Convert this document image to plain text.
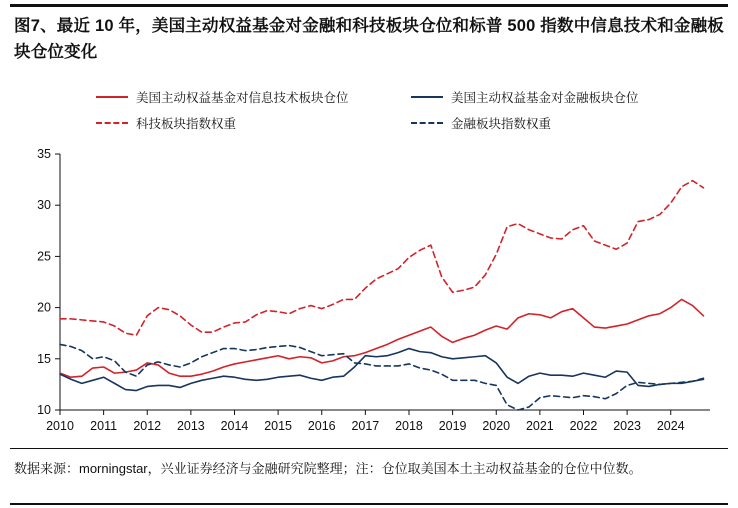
图7、最近 10 年，美国主动权益基金对金融和科技板块仓位和标普 500 指数中信息技术和金融板块仓位变化
美国主动权益基金对信息技术板块仓位	美国主动权益基金对金融板块仓位
科技板块指数权重	金融板块指数权重
10
15
20
25
30
35
2010 2011 2012 2013 2014 2015 2016 2017 2018 2019 2020 2021 2022 2023 2024
数据来源：morningstar，兴业证券经济与金融研究院整理；注：仓位取美国本土主动权益基金的仓位中位数。
